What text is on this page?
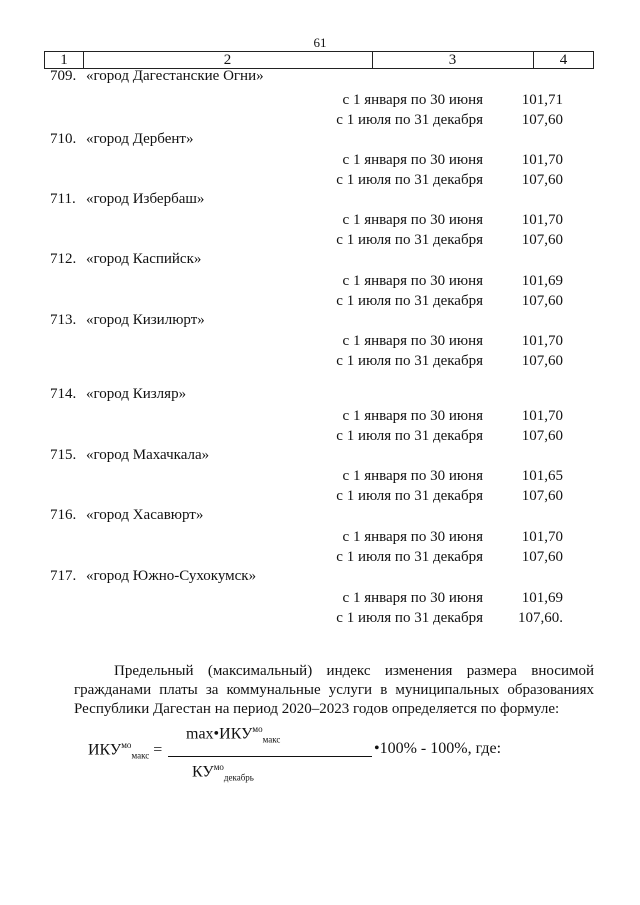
61
1	2	3	4
709. «город Дагестанские Огни»
с 1 января по 30 июня	101,71
с 1 июля по 31 декабря	107,60
710. «город Дербент»
с 1 января по 30 июня	101,70
с 1 июля по 31 декабря	107,60
711. «город Избербаш»
с 1 января по 30 июня	101,70
с 1 июля по 31 декабря	107,60
712. «город Каспийск»
с 1 января по 30 июня	101,69
с 1 июля по 31 декабря	107,60
713. «город Кизилюрт»
с 1 января по 30 июня	101,70
с 1 июля по 31 декабря	107,60
714. «город Кизляр»
с 1 января по 30 июня	101,70
с 1 июля по 31 декабря	107,60
715. «город Махачкала»
с 1 января по 30 июня	101,65
с 1 июля по 31 декабря	107,60
716. «город Хасавюрт»
с 1 января по 30 июня	101,70
с 1 июля по 31 декабря	107,60
717. «город Южно-Сухокумск»
с 1 января по 30 июня	101,69
с 1 июля по 31 декабря	107,60.
Предельный (максимальный) индекс изменения размера вносимой гражданами платы за коммунальные услуги в муниципальных образованиях Республики Дагестан на период 2020–2023 годов определяется по формуле:
$ИКУ^{мо}_{макс}$ =
$\max•ИКУ^{мо}_{макс}$
$КУ^{мо}_{декабрь}$
•100% - 100%, где:
